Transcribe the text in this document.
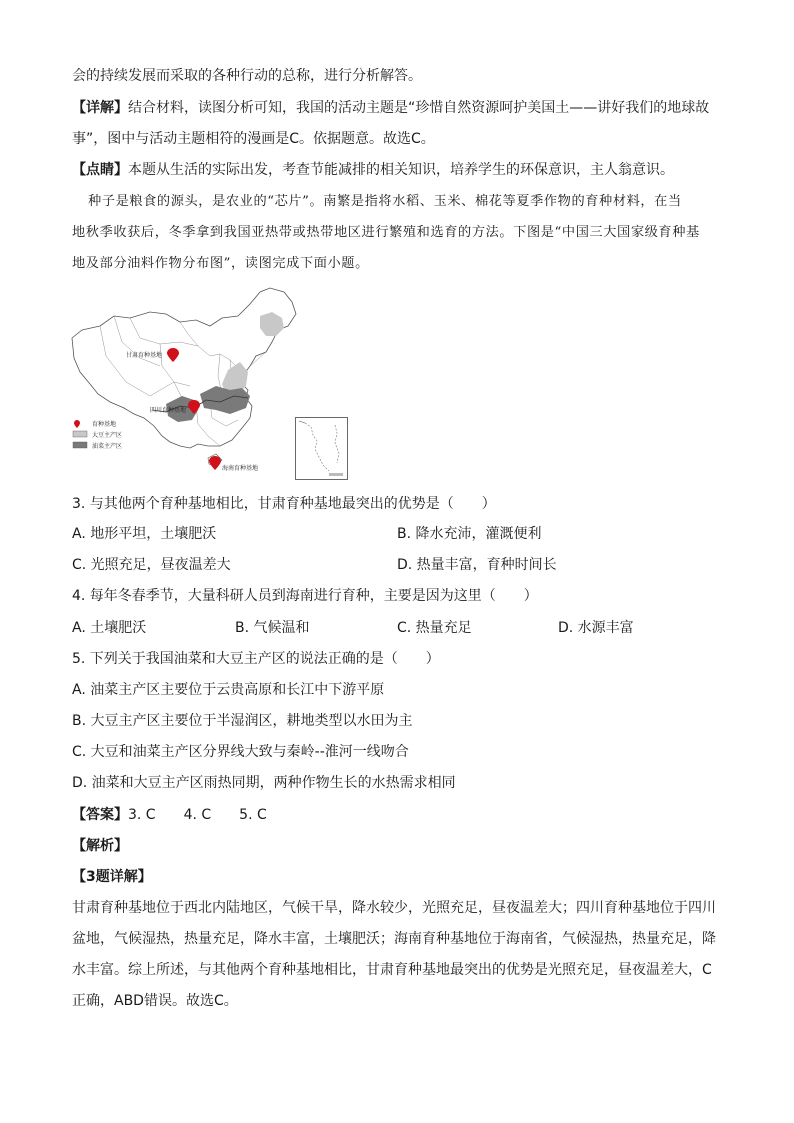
会的持续发展而采取的各种行动的总称，进行分析解答。
【详解】结合材料，读图分析可知，我国的活动主题是“珍惜自然资源呵护美国土——讲好我们的地球故
事”，图中与活动主题相符的漫画是C。依据题意。故选C。
【点睛】本题从生活的实际出发，考查节能减排的相关知识，培养学生的环保意识，主人翁意识。
种子是粮食的源头，是农业的“芯片”。南繁是指将水稻、玉米、棉花等夏季作物的育种材料，在当
地秋季收获后，冬季拿到我国亚热带或热带地区进行繁殖和选育的方法。下图是“中国三大国家级育种基
地及部分油料作物分布图”，读图完成下面小题。
甘肃育种基地
四川育种基地
海南育种基地
育种基地
大豆主产区
油菜主产区
3. 与其他两个育种基地相比，甘肃育种基地最突出的优势是（　　）
A. 地形平坦，土壤肥沃	B. 降水充沛，灌溉便利
C. 光照充足，昼夜温差大	D. 热量丰富，育种时间长
4. 每年冬春季节，大量科研人员到海南进行育种，主要是因为这里（　　）
A. 土壤肥沃	B. 气候温和	C. 热量充足	D. 水源丰富
5. 下列关于我国油菜和大豆主产区的说法正确的是（　　）
A. 油菜主产区主要位于云贵高原和长江中下游平原
B. 大豆主产区主要位于半湿润区，耕地类型以水田为主
C. 大豆和油菜主产区分界线大致与秦岭--淮河一线吻合
D. 油菜和大豆主产区雨热同期，两种作物生长的水热需求相同
【答案】3. C　　4. C　　5. C
【解析】
【3题详解】
甘肃育种基地位于西北内陆地区，气候干旱，降水较少，光照充足，昼夜温差大；四川育种基地位于四川
盆地，气候湿热，热量充足，降水丰富，土壤肥沃；海南育种基地位于海南省，气候湿热，热量充足，降
水丰富。综上所述，与其他两个育种基地相比，甘肃育种基地最突出的优势是光照充足，昼夜温差大，C
正确，ABD错误。故选C。
